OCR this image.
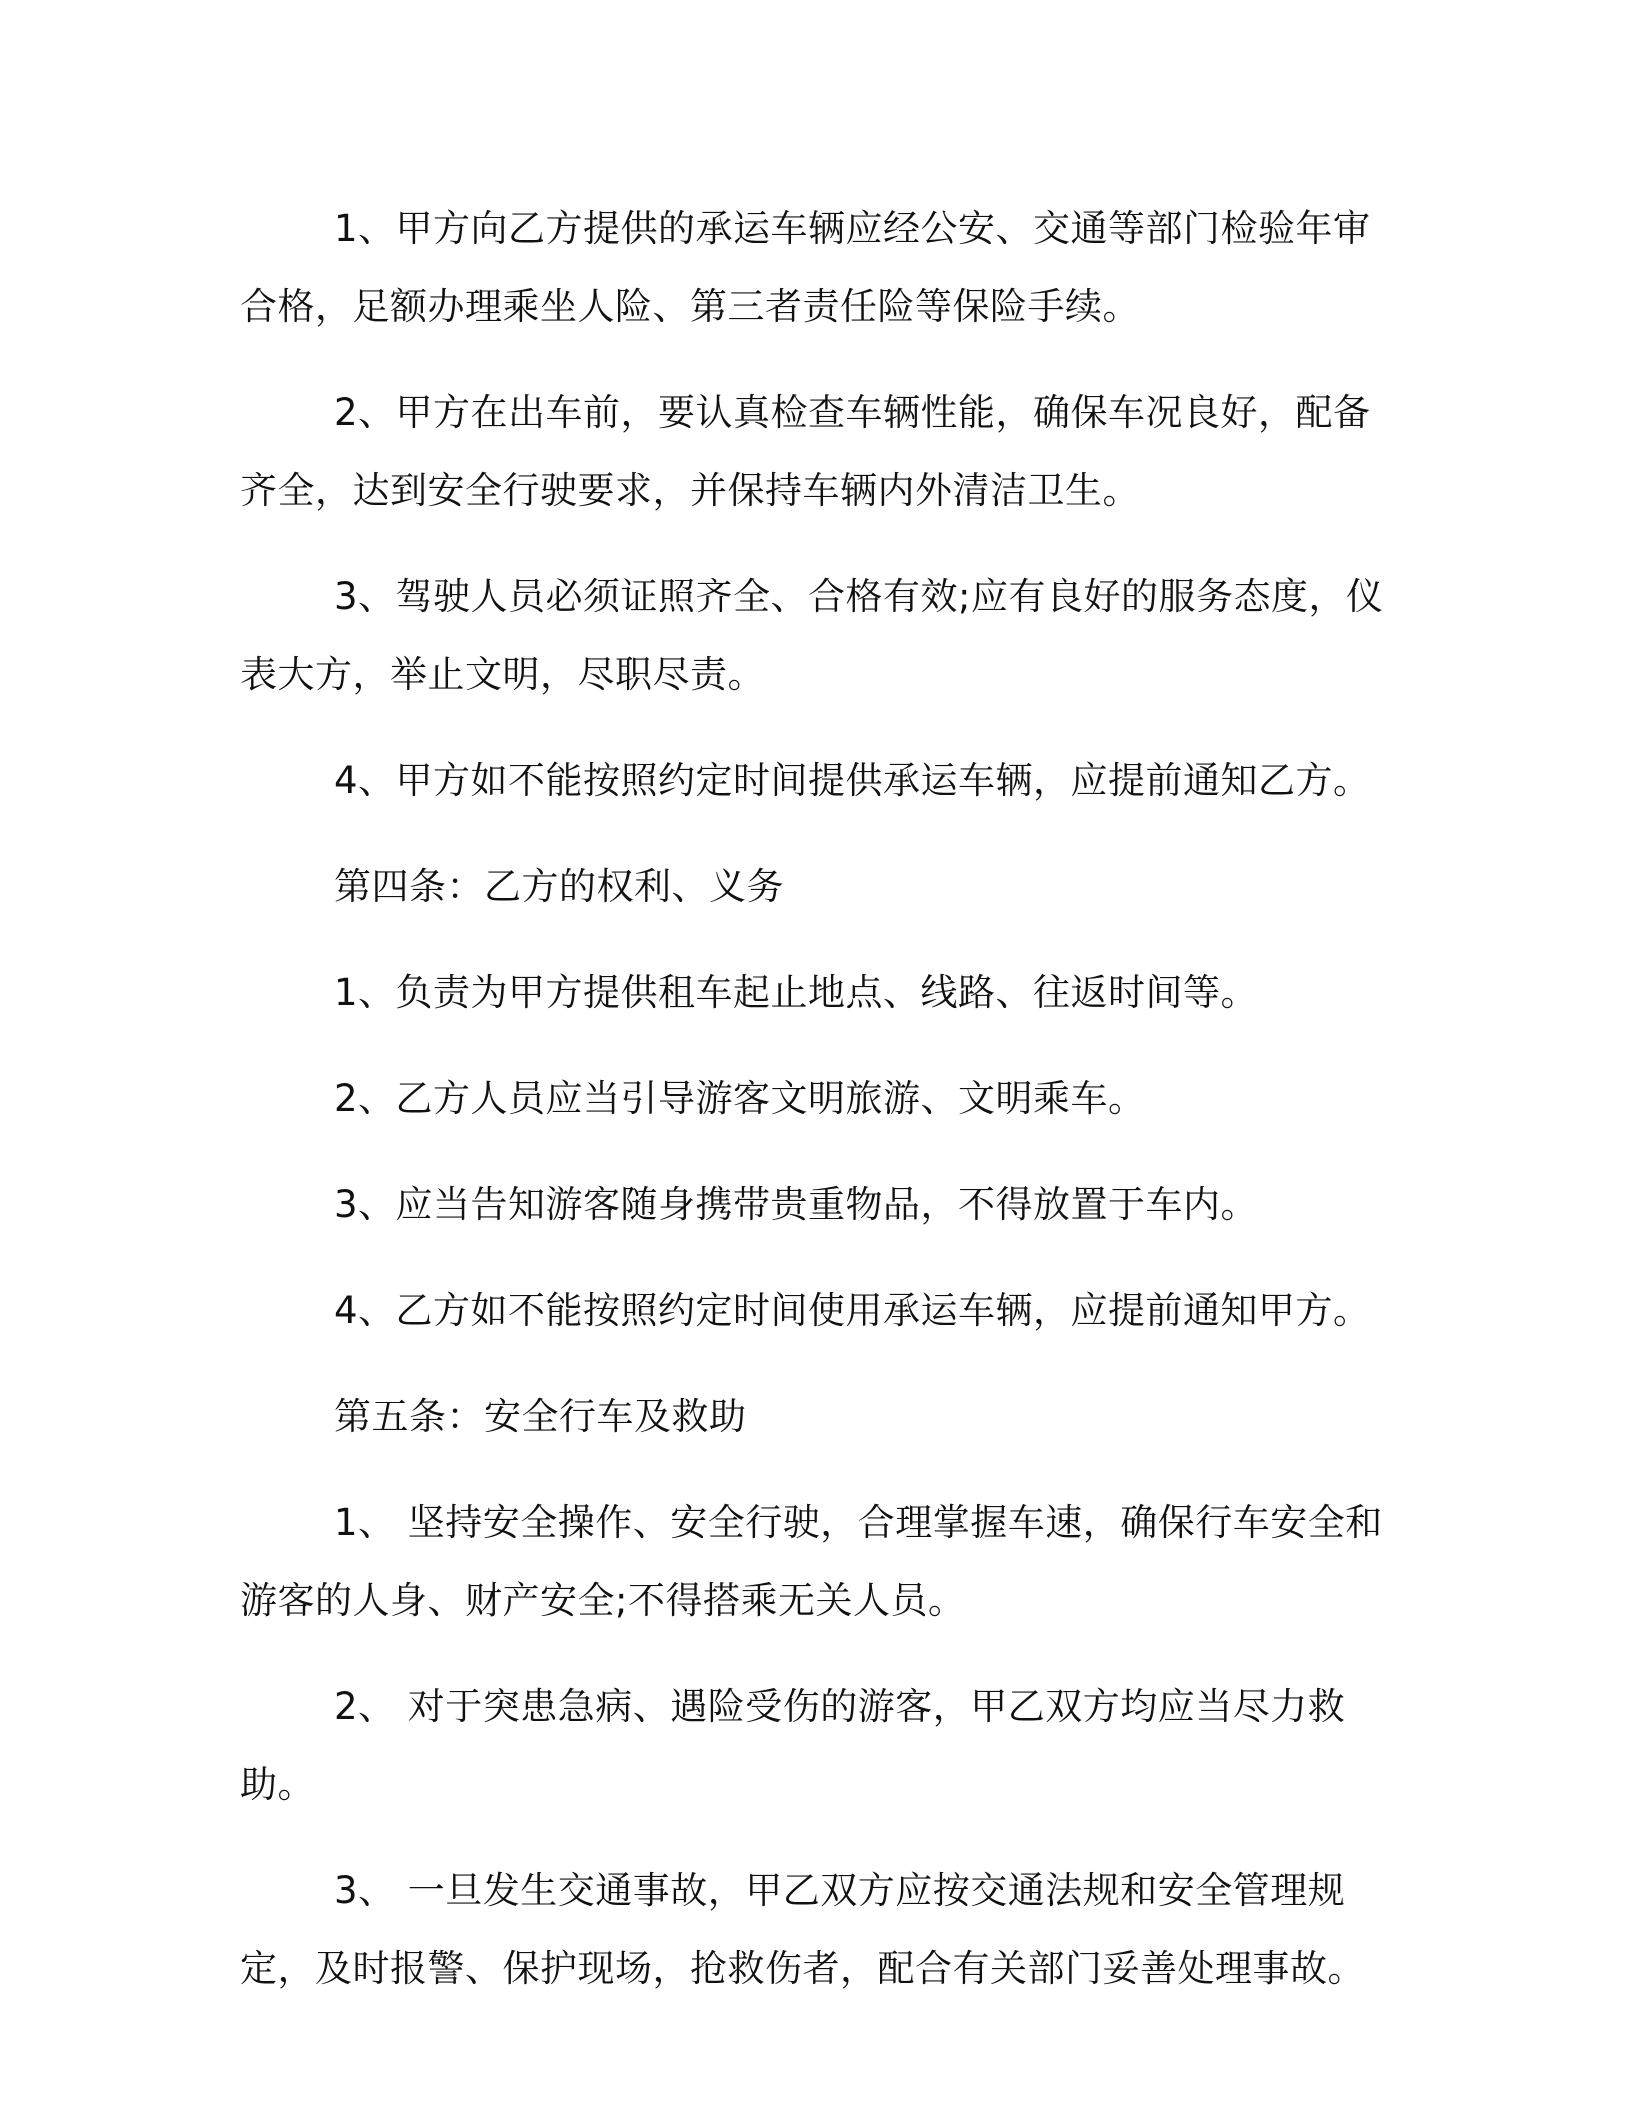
1、甲方向乙方提供的承运车辆应经公安、交通等部门检验年审合格，足额办理乘坐人险、第三者责任险等保险手续。

2、甲方在出车前，要认真检查车辆性能，确保车况良好，配备齐全，达到安全行驶要求，并保持车辆内外清洁卫生。

3、驾驶人员必须证照齐全、合格有效;应有良好的服务态度，仪表大方，举止文明，尽职尽责。

4、甲方如不能按照约定时间提供承运车辆，应提前通知乙方。

第四条：乙方的权利、义务

1、负责为甲方提供租车起止地点、线路、往返时间等。

2、乙方人员应当引导游客文明旅游、文明乘车。

3、应当告知游客随身携带贵重物品，不得放置于车内。

4、乙方如不能按照约定时间使用承运车辆，应提前通知甲方。

第五条：安全行车及救助

1、 坚持安全操作、安全行驶，合理掌握车速，确保行车安全和游客的人身、财产安全;不得搭乘无关人员。

2、 对于突患急病、遇险受伤的游客，甲乙双方均应当尽力救助。

3、 一旦发生交通事故，甲乙双方应按交通法规和安全管理规定，及时报警、保护现场，抢救伤者，配合有关部门妥善处理事故。
